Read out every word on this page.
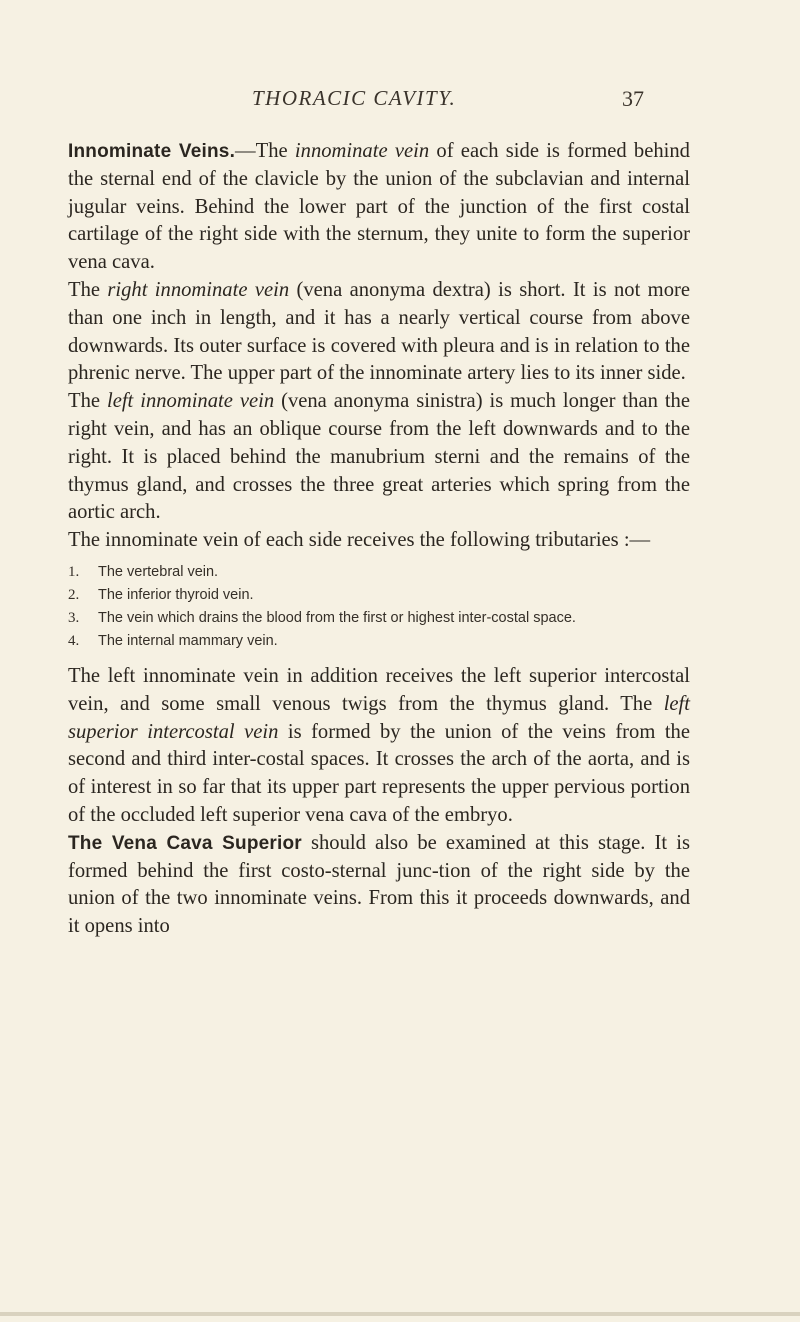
THORACIC CAVITY.	37

Innominate Veins.—The innominate vein of each side is formed behind the sternal end of the clavicle by the union of the subclavian and internal jugular veins. Behind the lower part of the junction of the first costal cartilage of the right side with the sternum, they unite to form the superior vena cava.

The right innominate vein (vena anonyma dextra) is short. It is not more than one inch in length, and it has a nearly vertical course from above downwards. Its outer surface is covered with pleura and is in relation to the phrenic nerve. The upper part of the innominate artery lies to its inner side.

The left innominate vein (vena anonyma sinistra) is much longer than the right vein, and has an oblique course from the left downwards and to the right. It is placed behind the manubrium sterni and the remains of the thymus gland, and crosses the three great arteries which spring from the aortic arch.

The innominate vein of each side receives the following tributaries :—

1. The vertebral vein.
2. The inferior thyroid vein.
3. The vein which drains the blood from the first or highest inter-costal space.
4. The internal mammary vein.

The left innominate vein in addition receives the left superior intercostal vein, and some small venous twigs from the thymus gland. The left superior intercostal vein is formed by the union of the veins from the second and third inter-costal spaces. It crosses the arch of the aorta, and is of interest in so far that its upper part represents the upper pervious portion of the occluded left superior vena cava of the embryo.

The Vena Cava Superior should also be examined at this stage. It is formed behind the first costo-sternal junc-tion of the right side by the union of the two innominate veins. From this it proceeds downwards, and it opens into
